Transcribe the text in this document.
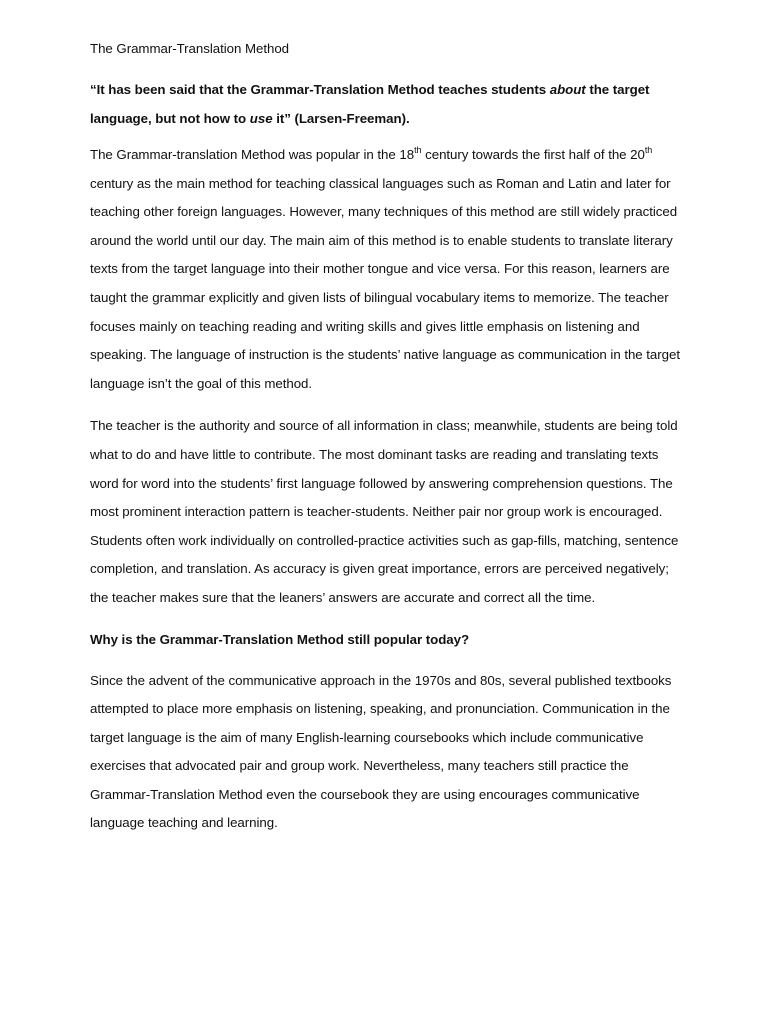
The Grammar-Translation Method

“It has been said that the Grammar-Translation Method teaches students about the target language, but not how to use it” (Larsen-Freeman).

The Grammar-translation Method was popular in the 18th century towards the first half of the 20th century as the main method for teaching classical languages such as Roman and Latin and later for teaching other foreign languages. However, many techniques of this method are still widely practiced around the world until our day. The main aim of this method is to enable students to translate literary texts from the target language into their mother tongue and vice versa. For this reason, learners are taught the grammar explicitly and given lists of bilingual vocabulary items to memorize. The teacher focuses mainly on teaching reading and writing skills and gives little emphasis on listening and speaking. The language of instruction is the students’ native language as communication in the target language isn’t the goal of this method.

The teacher is the authority and source of all information in class; meanwhile, students are being told what to do and have little to contribute. The most dominant tasks are reading and translating texts word for word into the students’ first language followed by answering comprehension questions. The most prominent interaction pattern is teacher-students. Neither pair nor group work is encouraged. Students often work individually on controlled-practice activities such as gap-fills, matching, sentence completion, and translation. As accuracy is given great importance, errors are perceived negatively; the teacher makes sure that the leaners’ answers are accurate and correct all the time.

Why is the Grammar-Translation Method still popular today?

Since the advent of the communicative approach in the 1970s and 80s, several published textbooks attempted to place more emphasis on listening, speaking, and pronunciation. Communication in the target language is the aim of many English-learning coursebooks which include communicative exercises that advocated pair and group work. Nevertheless, many teachers still practice the Grammar-Translation Method even the coursebook they are using encourages communicative language teaching and learning.
